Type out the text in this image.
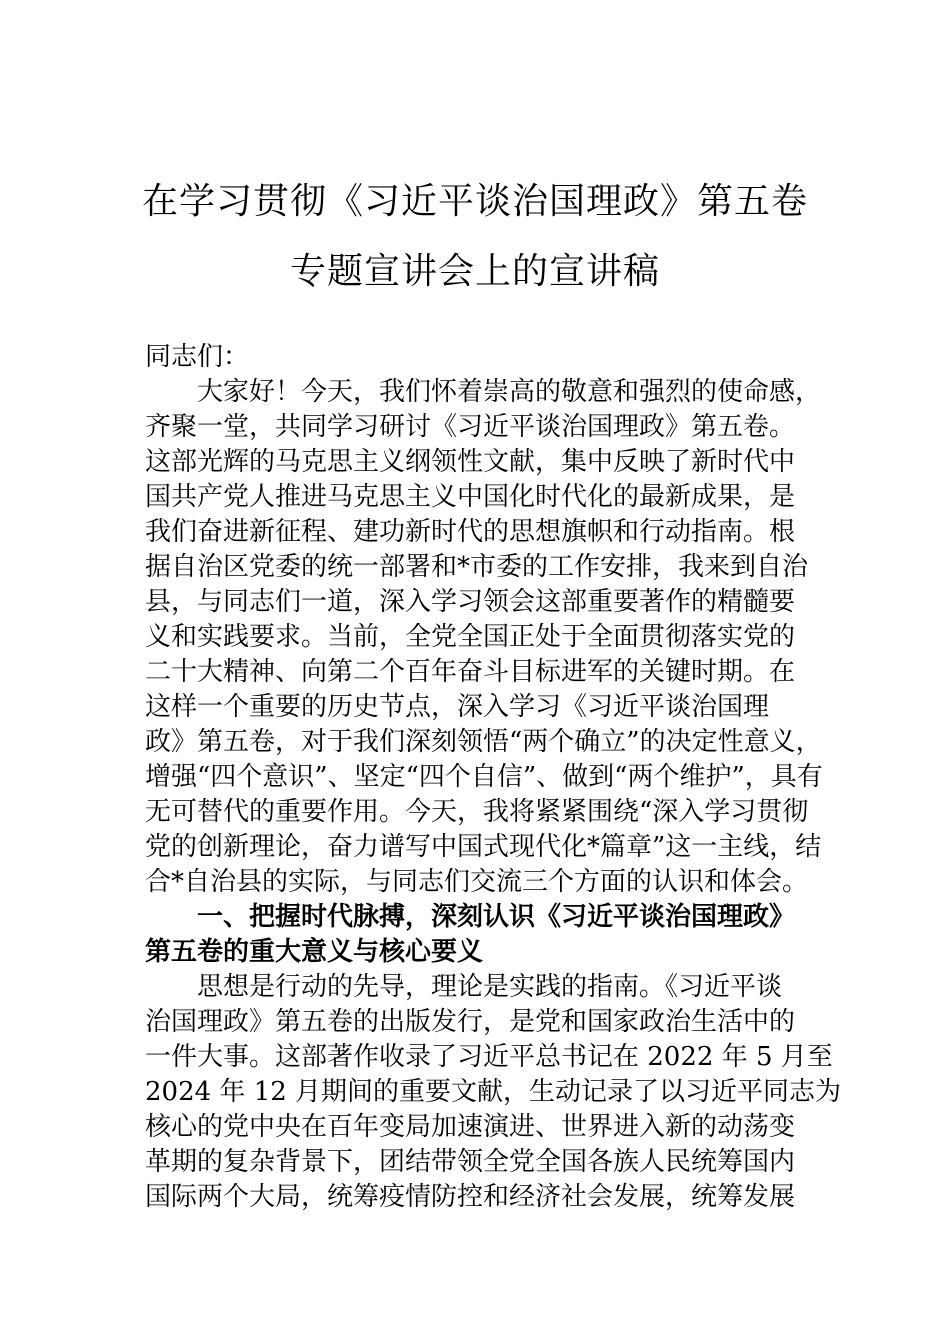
在学习贯彻《习近平谈治国理政》第五卷
专题宣讲会上的宣讲稿
同志们：
　　大家好！今天，我们怀着崇高的敬意和强烈的使命感，
齐聚一堂，共同学习研讨《习近平谈治国理政》第五卷。
这部光辉的马克思主义纲领性文献，集中反映了新时代中
国共产党人推进马克思主义中国化时代化的最新成果，是
我们奋进新征程、建功新时代的思想旗帜和行动指南。根
据自治区党委的统一部署和*市委的工作安排，我来到自治
县，与同志们一道，深入学习领会这部重要著作的精髓要
义和实践要求。当前，全党全国正处于全面贯彻落实党的
二十大精神、向第二个百年奋斗目标进军的关键时期。在
这样一个重要的历史节点，深入学习《习近平谈治国理
政》第五卷，对于我们深刻领悟“两个确立”的决定性意义，
增强“四个意识”、坚定“四个自信”、做到“两个维护”，具有
无可替代的重要作用。今天，我将紧紧围绕“深入学习贯彻
党的创新理论，奋力谱写中国式现代化*篇章”这一主线，结
合*自治县的实际，与同志们交流三个方面的认识和体会。
　　一、把握时代脉搏，深刻认识《习近平谈治国理政》
第五卷的重大意义与核心要义
　　思想是行动的先导，理论是实践的指南。《习近平谈
治国理政》第五卷的出版发行，是党和国家政治生活中的
一件大事。这部著作收录了习近平总书记在 2022 年 5 月至
2024 年 12 月期间的重要文献，生动记录了以习近平同志为
核心的党中央在百年变局加速演进、世界进入新的动荡变
革期的复杂背景下，团结带领全党全国各族人民统筹国内
国际两个大局，统筹疫情防控和经济社会发展，统筹发展
